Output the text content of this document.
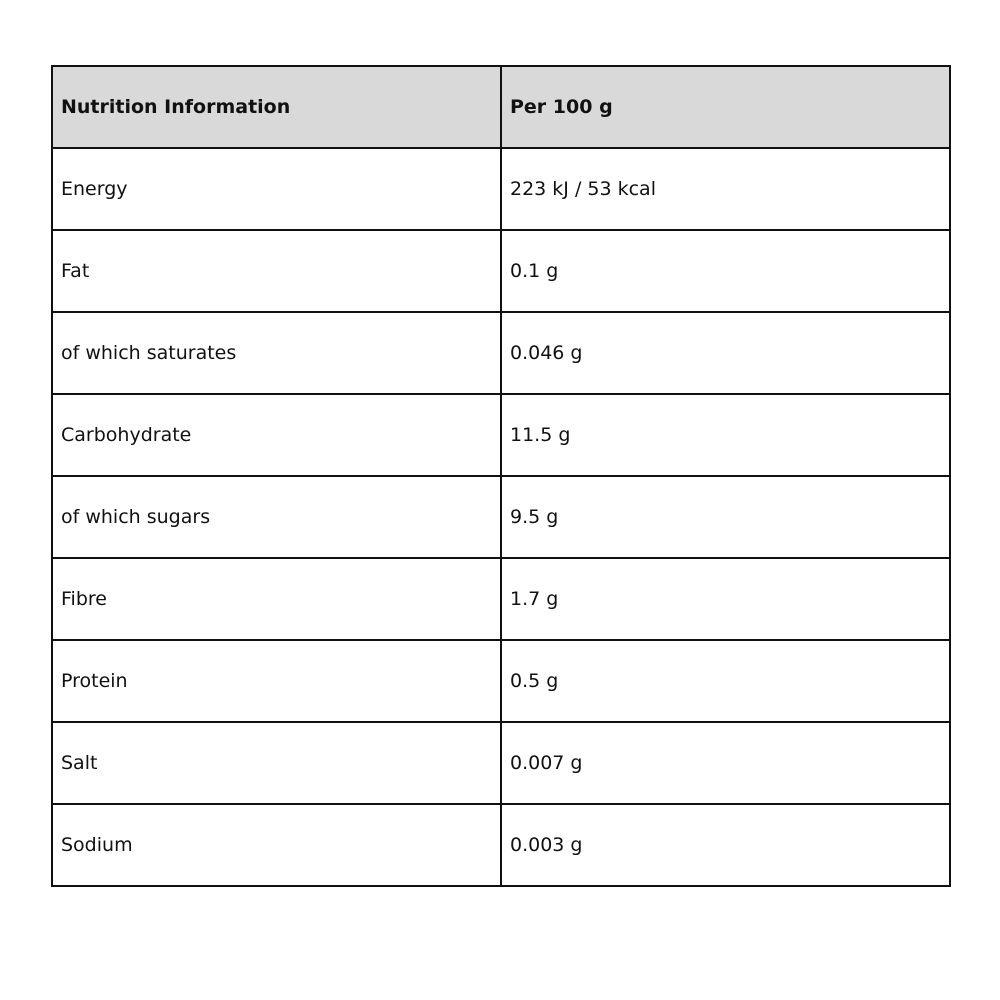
Nutrition Information	Per 100 g
Energy	223 kJ / 53 kcal
Fat	0.1 g
of which saturates	0.046 g
Carbohydrate	11.5 g
of which sugars	9.5 g
Fibre	1.7 g
Protein	0.5 g
Salt	0.007 g
Sodium	0.003 g
